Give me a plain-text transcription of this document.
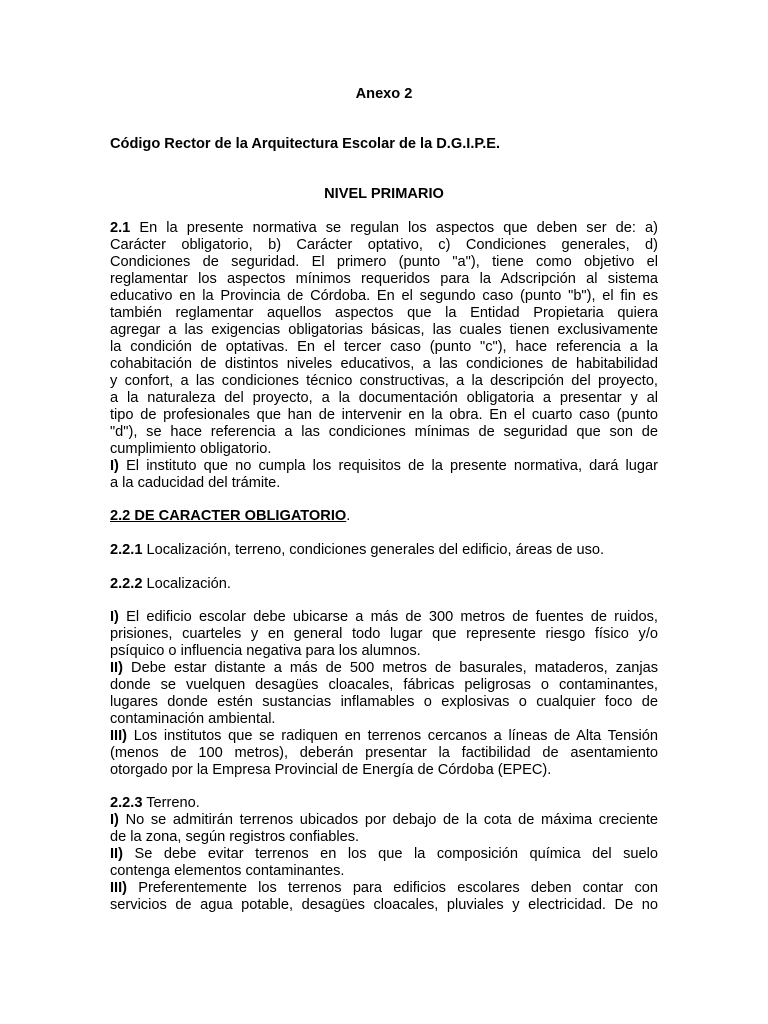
Anexo 2
Código Rector de la Arquitectura Escolar de la D.G.I.P.E.
NIVEL PRIMARIO
2.1 En la presente normativa se regulan los aspectos que deben ser de: a)
Carácter obligatorio, b) Carácter optativo, c) Condiciones generales, d)
Condiciones de seguridad. El primero (punto "a"), tiene como objetivo el
reglamentar los aspectos mínimos requeridos para la Adscripción al sistema
educativo en la Provincia de Córdoba. En el segundo caso (punto "b"), el fin es
también reglamentar aquellos aspectos que la Entidad Propietaria quiera
agregar a las exigencias obligatorias básicas, las cuales tienen exclusivamente
la condición de optativas. En el tercer caso (punto "c"), hace referencia a la
cohabitación de distintos niveles educativos, a las condiciones de habitabilidad
y confort, a las condiciones técnico constructivas, a la descripción del proyecto,
a la naturaleza del proyecto, a la documentación obligatoria a presentar y al
tipo de profesionales que han de intervenir en la obra. En el cuarto caso (punto
"d"), se hace referencia a las condiciones mínimas de seguridad que son de
cumplimiento obligatorio.
I) El instituto que no cumpla los requisitos de la presente normativa, dará lugar
a la caducidad del trámite.
2.2 DE CARACTER OBLIGATORIO.
2.2.1 Localización, terreno, condiciones generales del edificio, áreas de uso.
2.2.2 Localización.
I) El edificio escolar debe ubicarse a más de 300 metros de fuentes de ruidos,
prisiones, cuarteles y en general todo lugar que represente riesgo físico y/o
psíquico o influencia negativa para los alumnos.
II) Debe estar distante a más de 500 metros de basurales, mataderos, zanjas
donde se vuelquen desagües cloacales, fábricas peligrosas o contaminantes,
lugares donde estén sustancias inflamables o explosivas o cualquier foco de
contaminación ambiental.
III) Los institutos que se radiquen en terrenos cercanos a líneas de Alta Tensión
(menos de 100 metros), deberán presentar la factibilidad de asentamiento
otorgado por la Empresa Provincial de Energía de Córdoba (EPEC).
2.2.3 Terreno.
I) No se admitirán terrenos ubicados por debajo de la cota de máxima creciente
de la zona, según registros confiables.
II) Se debe evitar terrenos en los que la composición química del suelo
contenga elementos contaminantes.
III) Preferentemente los terrenos para edificios escolares deben contar con
servicios de agua potable, desagües cloacales, pluviales y electricidad. De no
